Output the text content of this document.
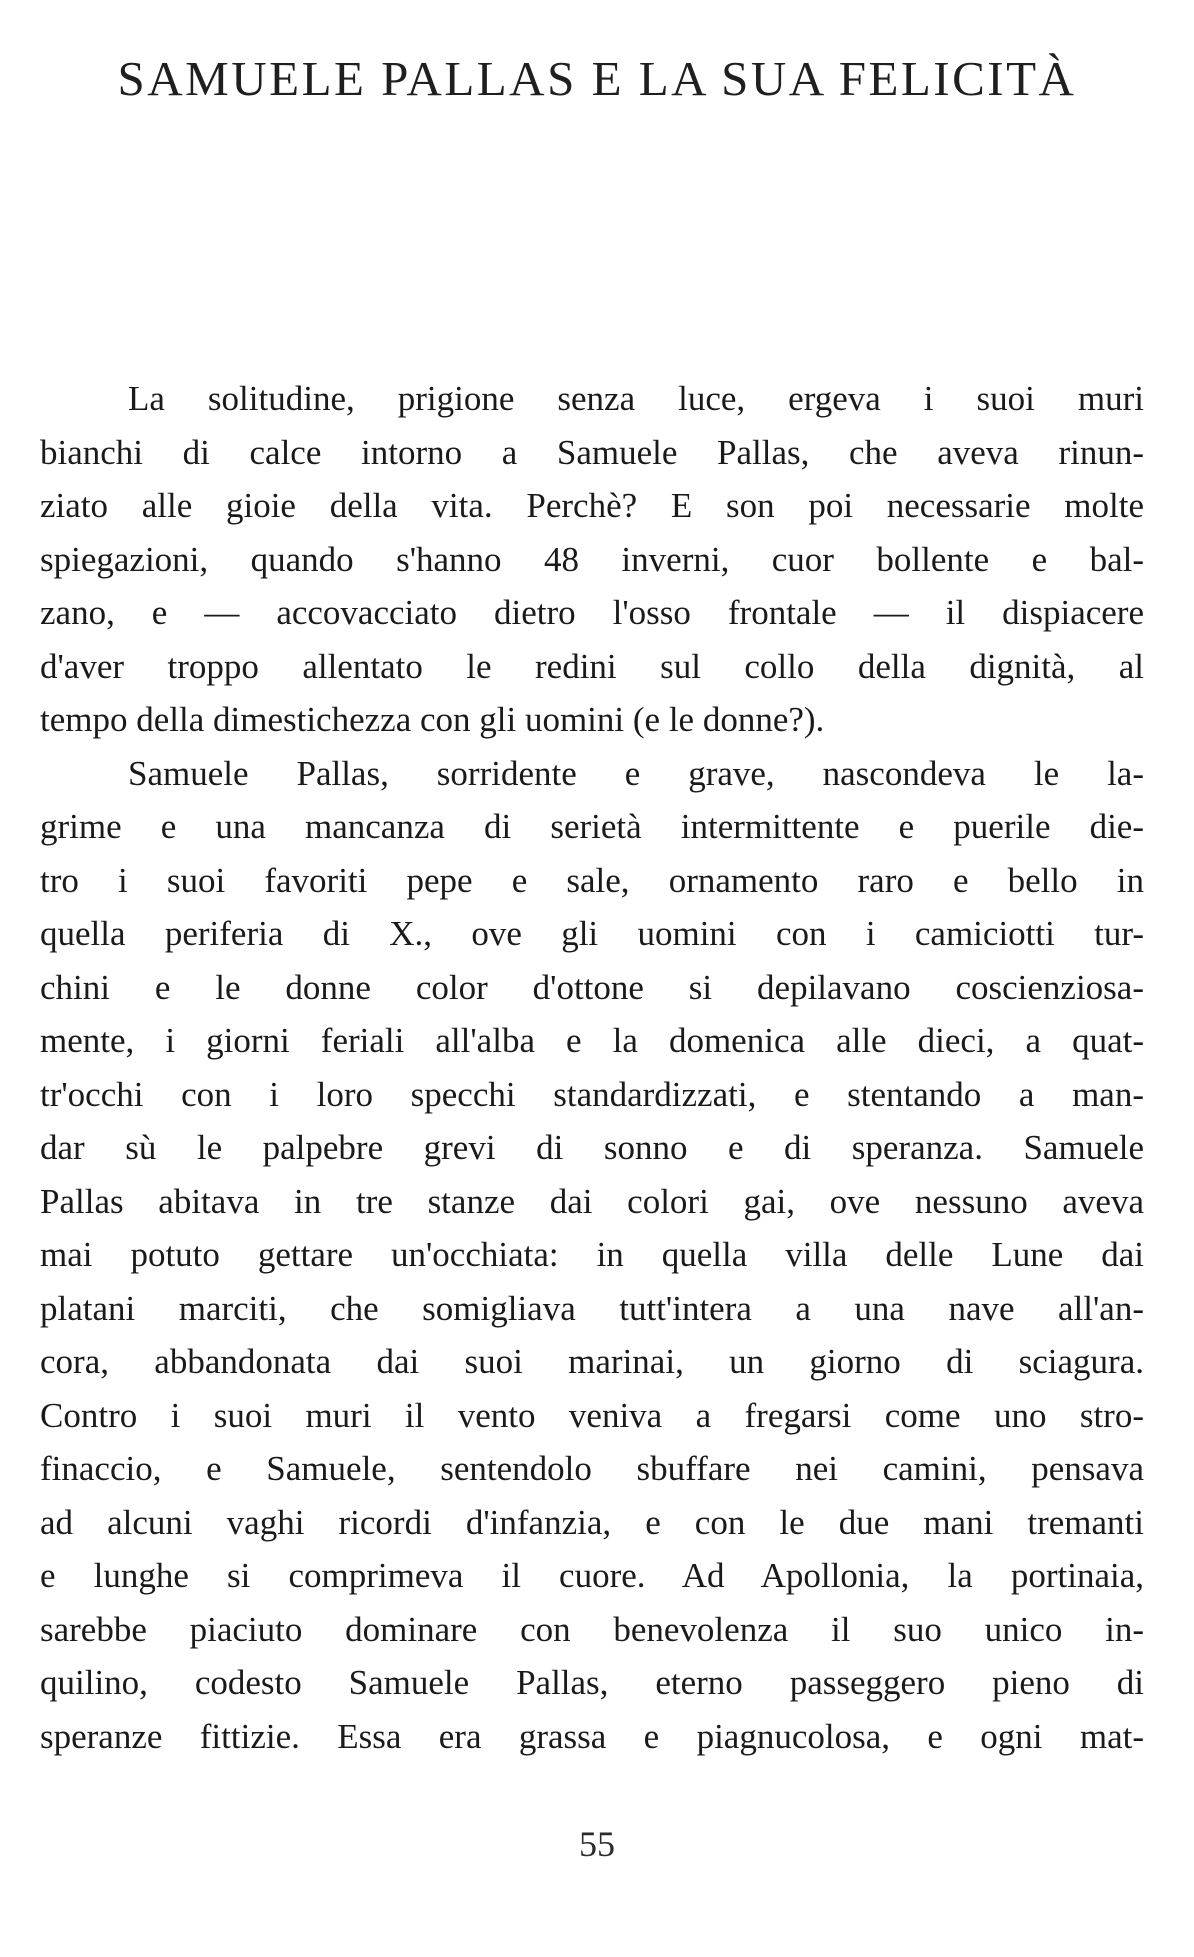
SAMUELE PALLAS E LA SUA FELICITÀ
La solitudine, prigione senza luce, ergeva i suoi muri
bianchi di calce intorno a Samuele Pallas, che aveva rinun-
ziato alle gioie della vita. Perchè? E son poi necessarie molte
spiegazioni, quando s'hanno 48 inverni, cuor bollente e bal-
zano, e — accovacciato dietro l'osso frontale — il dispiacere
d'aver troppo allentato le redini sul collo della dignità, al
tempo della dimestichezza con gli uomini (e le donne?).
Samuele Pallas, sorridente e grave, nascondeva le la-
grime e una mancanza di serietà intermittente e puerile die-
tro i suoi favoriti pepe e sale, ornamento raro e bello in
quella periferia di X., ove gli uomini con i camiciotti tur-
chini e le donne color d'ottone si depilavano coscienziosa-
mente, i giorni feriali all'alba e la domenica alle dieci, a quat-
tr'occhi con i loro specchi standardizzati, e stentando a man-
dar sù le palpebre grevi di sonno e di speranza. Samuele
Pallas abitava in tre stanze dai colori gai, ove nessuno aveva
mai potuto gettare un'occhiata: in quella villa delle Lune dai
platani marciti, che somigliava tutt'intera a una nave all'an-
cora, abbandonata dai suoi marinai, un giorno di sciagura.
Contro i suoi muri il vento veniva a fregarsi come uno stro-
finaccio, e Samuele, sentendolo sbuffare nei camini, pensava
ad alcuni vaghi ricordi d'infanzia, e con le due mani tremanti
e lunghe si comprimeva il cuore. Ad Apollonia, la portinaia,
sarebbe piaciuto dominare con benevolenza il suo unico in-
quilino, codesto Samuele Pallas, eterno passeggero pieno di
speranze fittizie. Essa era grassa e piagnucolosa, e ogni mat-
55
